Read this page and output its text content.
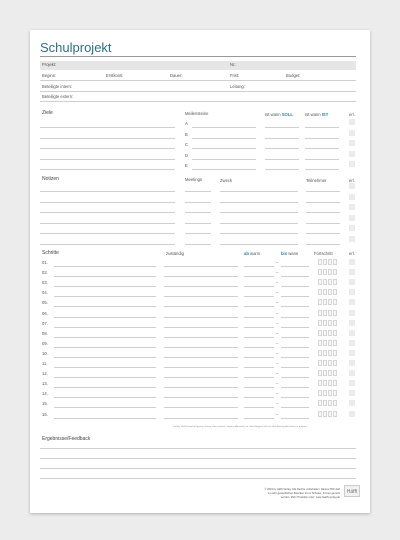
Schulprojekt
Projekt:	Nr.:
Beginn:	Erstkonti:	Dauer:	Frist:	Budget:
Beteiligte intern:	Leitung:
Beteiligte extern:
Ziele	Meilensteine	Ist wann SOLL	Ist wann IST	erl.
A
B
C
D
E
Notizen	Meetings	Zweck	Teilnehmer	erl.
Schritte	zuständig	ab wann	bis wann	Fortschritt	erl.
01.	–
02.	–
03.	–
04.	–
05.	–
06.	–
07.	–
08.	–
09.	–
10.	–
11.	–
12.	–
13.	–
14.	–
15.	–
16.	–
Verfolg: Wohl Fortschritt gering; schrag: ohne weiteren, sogene (Auswahl); erl. Bitte Rhygnen; Wissen Welt Beitrag (Anschluss) in progress
Ergebnisse/Feedback
© 2019 by Häfft-Verlag. Alle Rechte vorbehalten. Dieses PDF darf
zu nicht-gewerblichen Zwecken frei in Schulen, Firmen genutzt
werden. Mehr Produkte unter: www.haefft-verlag.de
Häfft
